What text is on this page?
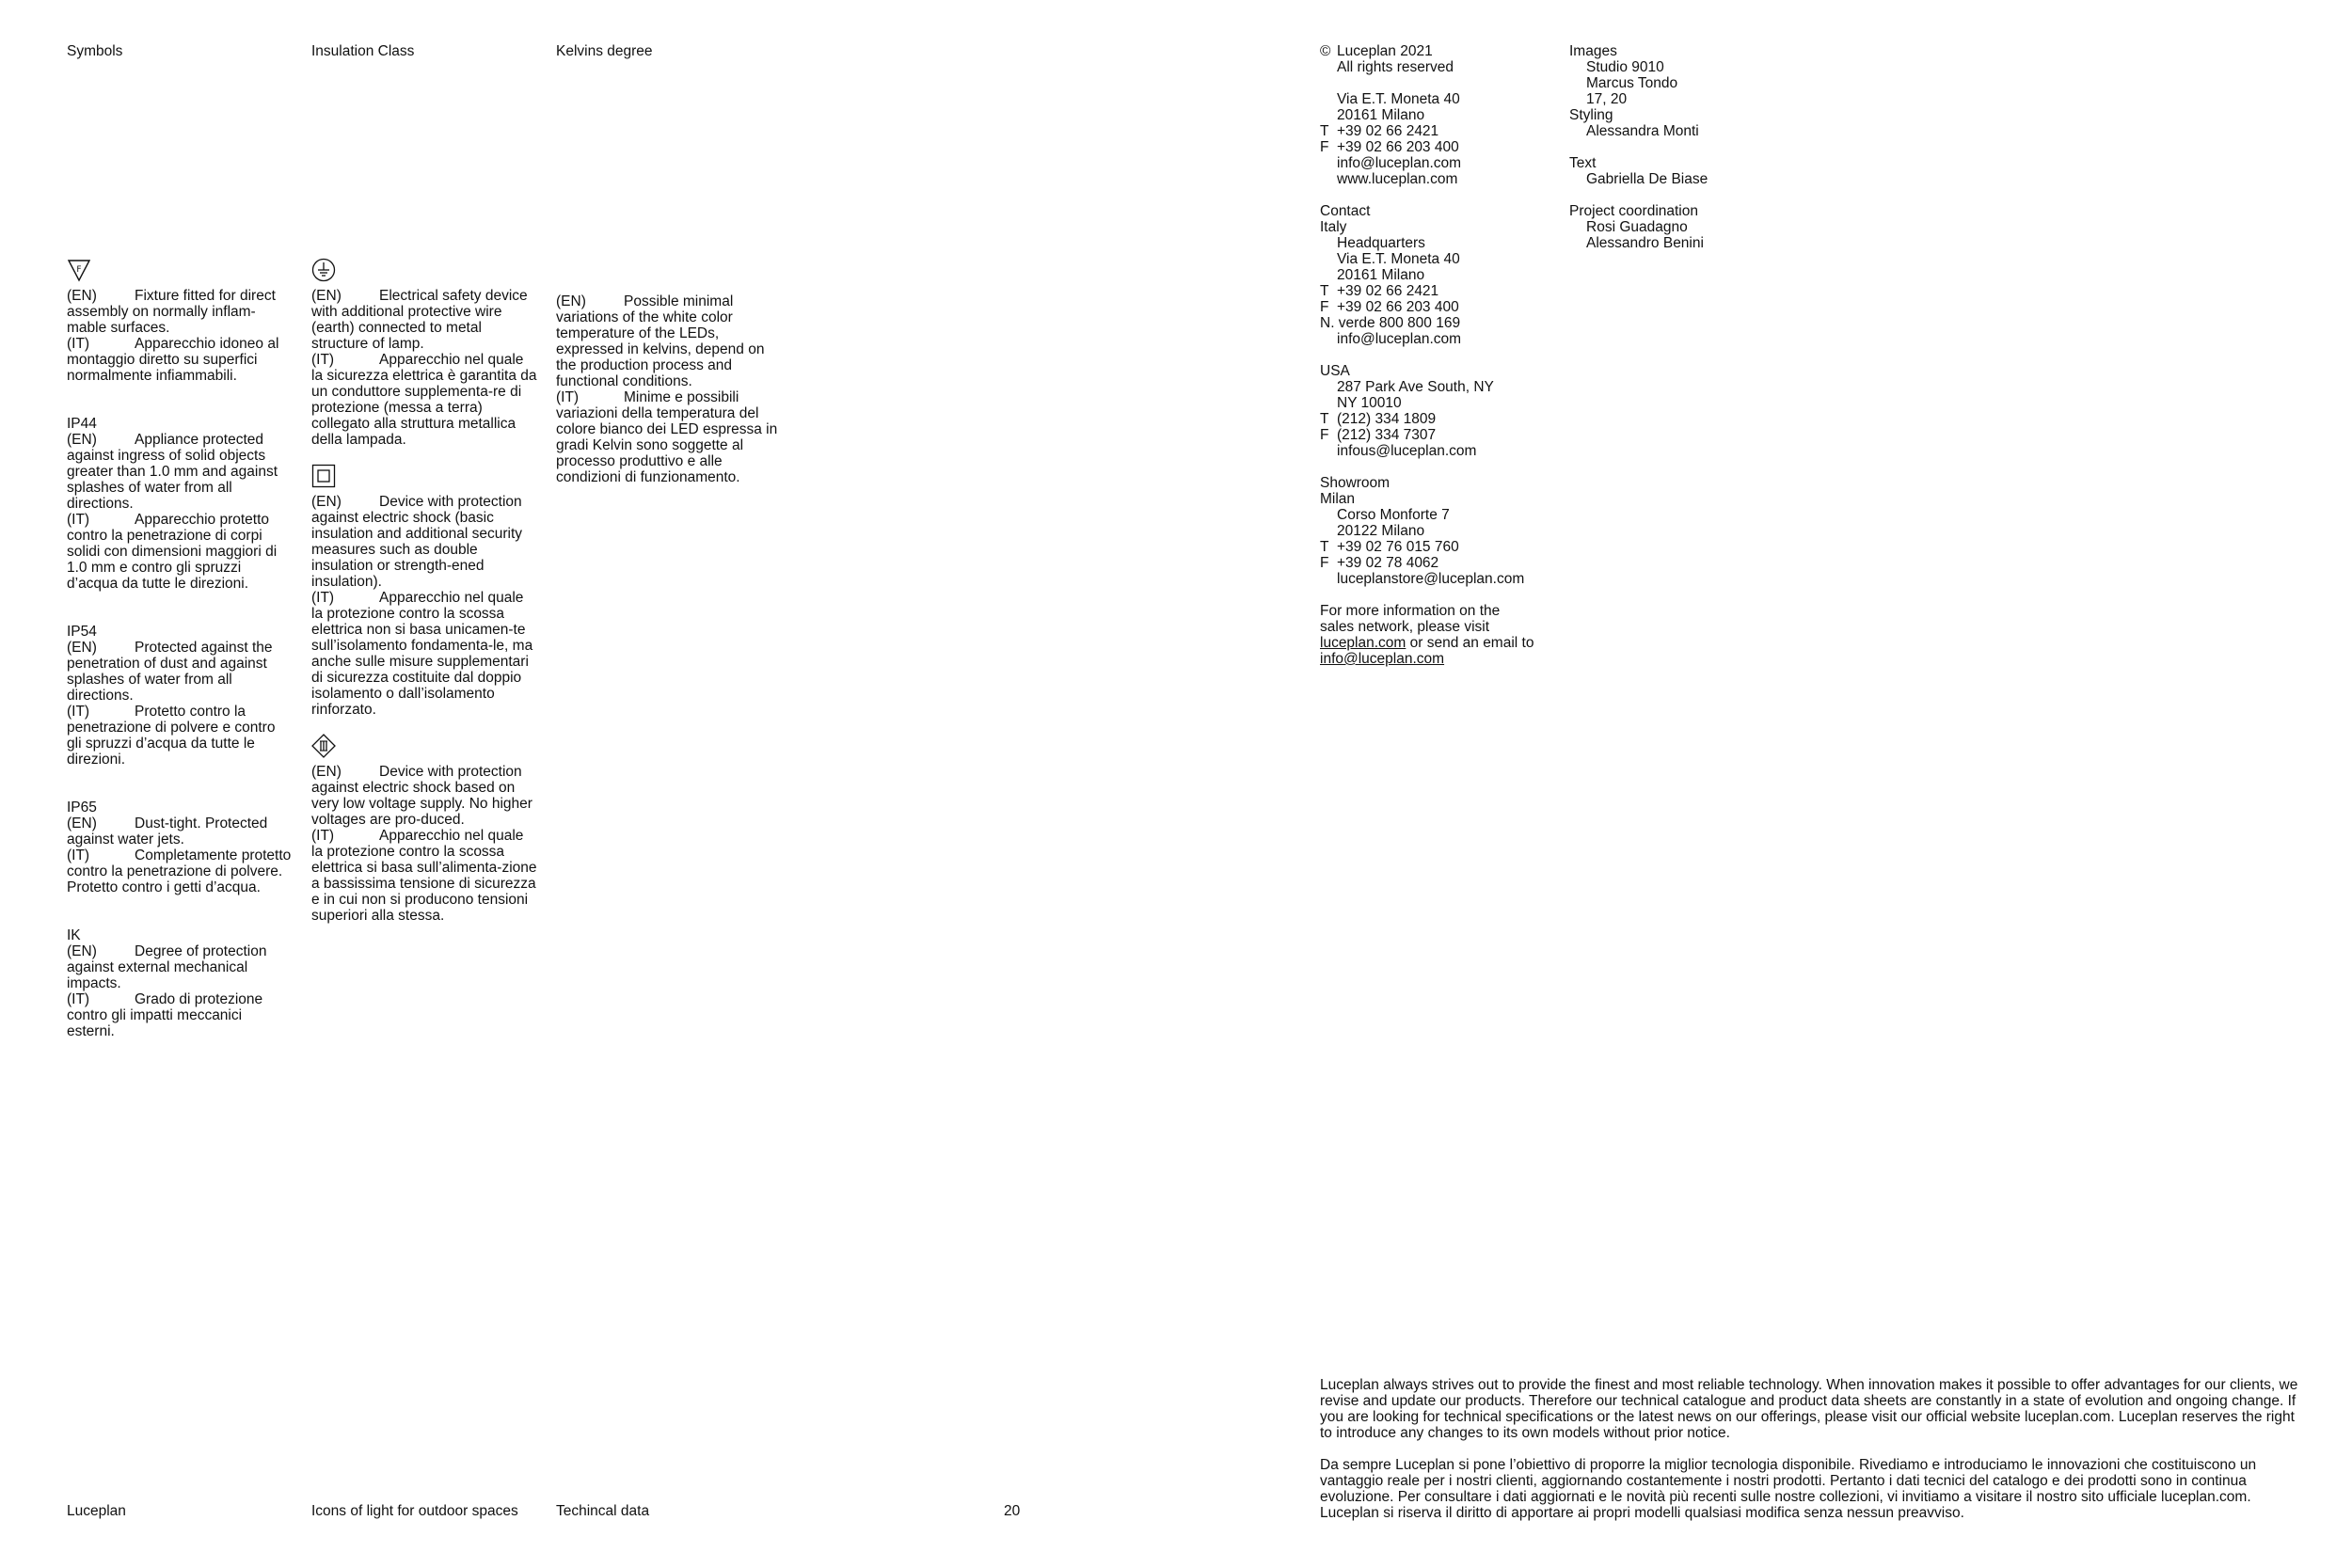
Symbols	Insulation Class	Kelvins degree
F

(EN)	Fixture fitted for direct assembly on normally inflam-mable surfaces.

(IT)	Apparecchio idoneo al montaggio diretto su superfici normalmente infiammabili.

IP44

(EN)	Appliance protected against ingress of solid objects greater than 1.0 mm and against splashes of water from all directions.

(IT)	Apparecchio protetto contro la penetrazione di corpi solidi con dimensioni maggiori di 1.0 mm e contro gli spruzzi d’acqua da tutte le direzioni.

IP54

(EN)	Protected against the penetration of dust and against splashes of water from all directions.

(IT)	Protetto contro la penetrazione di polvere e contro gli spruzzi d’acqua da tutte le direzioni.

IP65

(EN)	Dust-tight. Protected against water jets.

(IT)	Completamente protetto contro la penetrazione di polvere. Protetto contro i getti d’acqua.

IK

(EN)	Degree of protection against external mechanical impacts.

(IT)	Grado di protezione contro gli impatti meccanici esterni.

(EN)	Electrical safety device with additional protective wire (earth) connected to metal structure of lamp.

(IT)	Apparecchio nel quale la sicurezza elettrica è garantita da un conduttore supplementa-re di protezione (messa a terra) collegato alla struttura metallica della lampada.

(EN)	Device with protection against electric shock (basic insulation and additional security measures such as double insulation or strength-ened insulation).

(IT)	Apparecchio nel quale la protezione contro la scossa elettrica non si basa unicamen-te sull’isolamento fondamenta-le, ma anche sulle misure supplementari di sicurezza costituite dal doppio isolamento o dall’isolamento rinforzato.

(EN)	Device with protection against electric shock based on very low voltage supply. No higher voltages are pro-duced.

(IT)	Apparecchio nel quale la protezione contro la scossa elettrica si basa sull’alimenta-zione a bassissima tensione di sicurezza e in cui non si producono tensioni superiori alla stessa.

(EN)	Possible minimal variations of the white color temperature of the LEDs, expressed in kelvins, depend on the production process and functional conditions.

(IT)	Minime e possibili variazioni della temperatura del colore bianco dei LED espressa in gradi Kelvin sono soggette al processo produttivo e alle condizioni di funzionamento.

© Luceplan 2021

All rights reserved

Via E.T. Moneta 40

20161 Milano

T +39 02 66 2421

F +39 02 66 203 400

info@luceplan.com

www.luceplan.com

Contact

Italy

Headquarters

Via E.T. Moneta 40

20161 Milano

T +39 02 66 2421

F +39 02 66 203 400

N. verde 800 800 169

info@luceplan.com

USA

287 Park Ave South, NY

NY 10010

T (212) 334 1809

F (212) 334 7307

infous@luceplan.com

Showroom

Milan

Corso Monforte 7

20122 Milano

T +39 02 76 015 760

F +39 02 78 4062

luceplanstore@luceplan.com

For more information on the

sales network, please visit

luceplan.com or send an email to

info@luceplan.com

Images

Studio 9010

Marcus Tondo

17, 20

Styling

Alessandra Monti

Text

Gabriella De Biase

Project coordination

Rosi Guadagno

Alessandro Benini

Luceplan always strives out to provide the finest and most reliable technology. When innovation makes it possible to offer advantages for our clients, we revise and update our products. Therefore our technical catalogue and product data sheets are constantly in a state of evolution and ongoing change. If you are looking for technical specifications or the latest news on our offerings, please visit our official website luceplan.com. Luceplan reserves the right to introduce any changes to its own models without prior notice.

Da sempre Luceplan si pone l’obiettivo di proporre la miglior tecnologia disponibile. Rivediamo e introduciamo le innovazioni che costituiscono un vantaggio reale per i nostri clienti, aggiornando costantemente i nostri prodotti. Pertanto i dati tecnici del catalogo e dei prodotti sono in continua evoluzione. Per consultare i dati aggiornati e le novità più recenti sulle nostre collezioni, vi invitiamo a visitare il nostro sito ufficiale luceplan.com. Luceplan si riserva il diritto di apportare ai propri modelli qualsiasi modifica senza nessun preavviso.

Luceplan	Icons of light for outdoor spaces	Techincal data	20
